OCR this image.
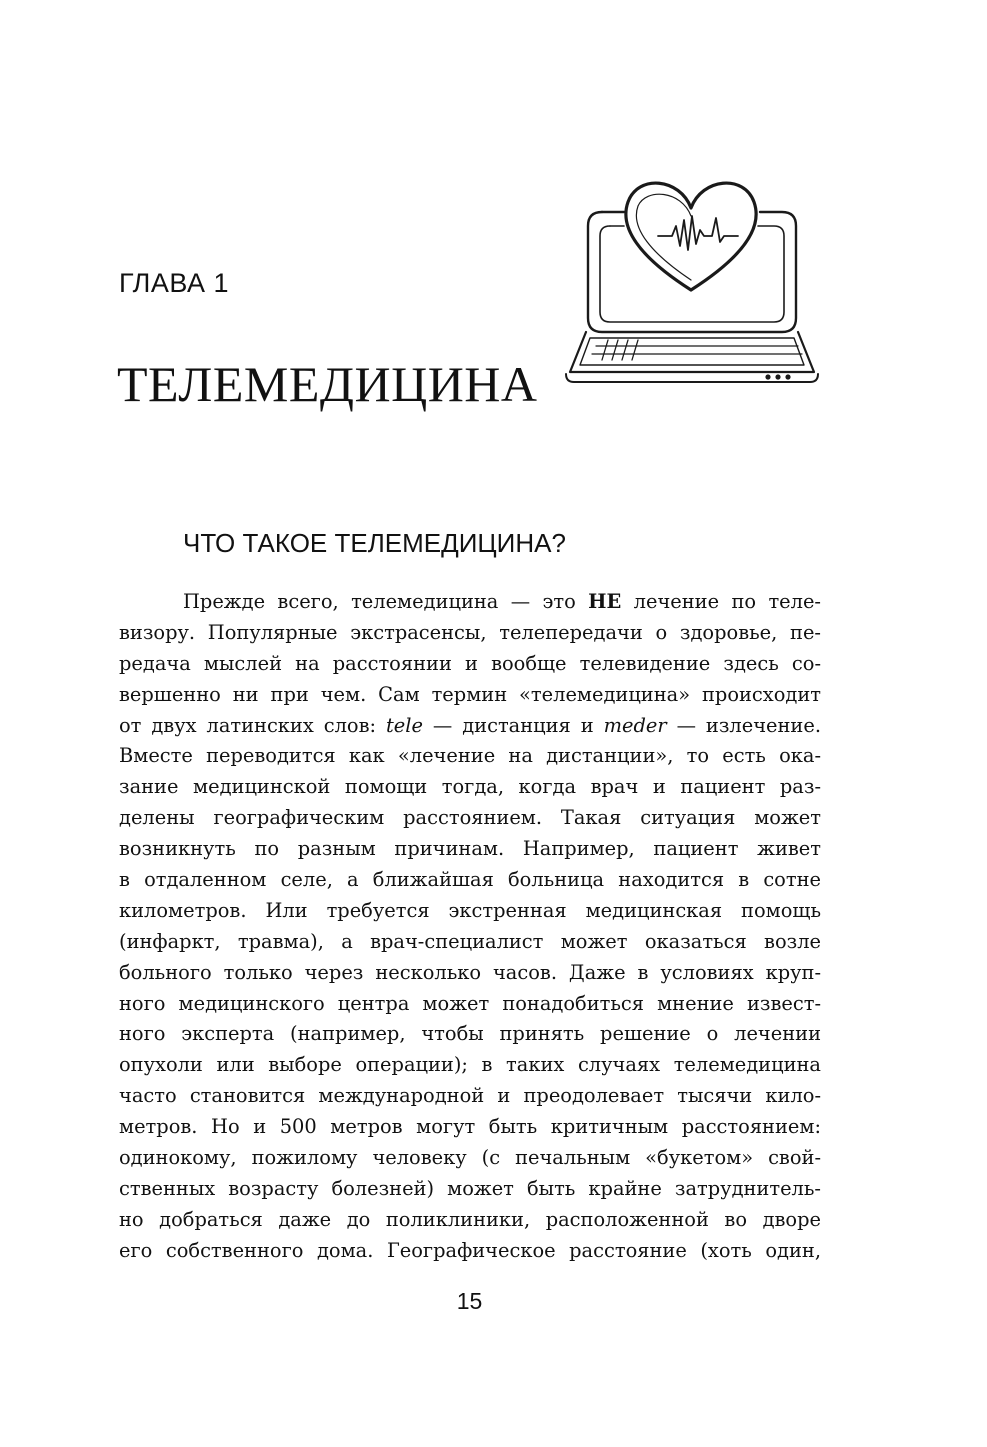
ГЛАВА 1
ТЕЛЕМЕДИЦИНА
ЧТО ТАКОЕ ТЕЛЕМЕДИЦИНА?
Прежде всего, телемедицина — это НЕ лечение по теле-
визору. Популярные экстрасенсы, телепередачи о здоровье, пе-
редача мыслей на расстоянии и вообще телевидение здесь со-
вершенно ни при чем. Сам термин «телемедицина» происходит
от двух латинских слов: tele — дистанция и meder — излечение.
Вместе переводится как «лечение на дистанции», то есть ока-
зание медицинской помощи тогда, когда врач и пациент раз-
делены географическим расстоянием. Такая ситуация может
возникнуть по разным причинам. Например, пациент живет
в отдаленном селе, а ближайшая больница находится в сотне
километров. Или требуется экстренная медицинская помощь
(инфаркт, травма), а врач-специалист может оказаться возле
больного только через несколько часов. Даже в условиях круп-
ного медицинского центра может понадобиться мнение извест-
ного эксперта (например, чтобы принять решение о лечении
опухоли или выборе операции); в таких случаях телемедицина
часто становится международной и преодолевает тысячи кило-
метров. Но и 500 метров могут быть критичным расстоянием:
одинокому, пожилому человеку (с печальным «букетом» свой-
ственных возрасту болезней) может быть крайне затруднитель-
но добраться даже до поликлиники, расположенной во дворе
его собственного дома. Географическое расстояние (хоть один,
15
